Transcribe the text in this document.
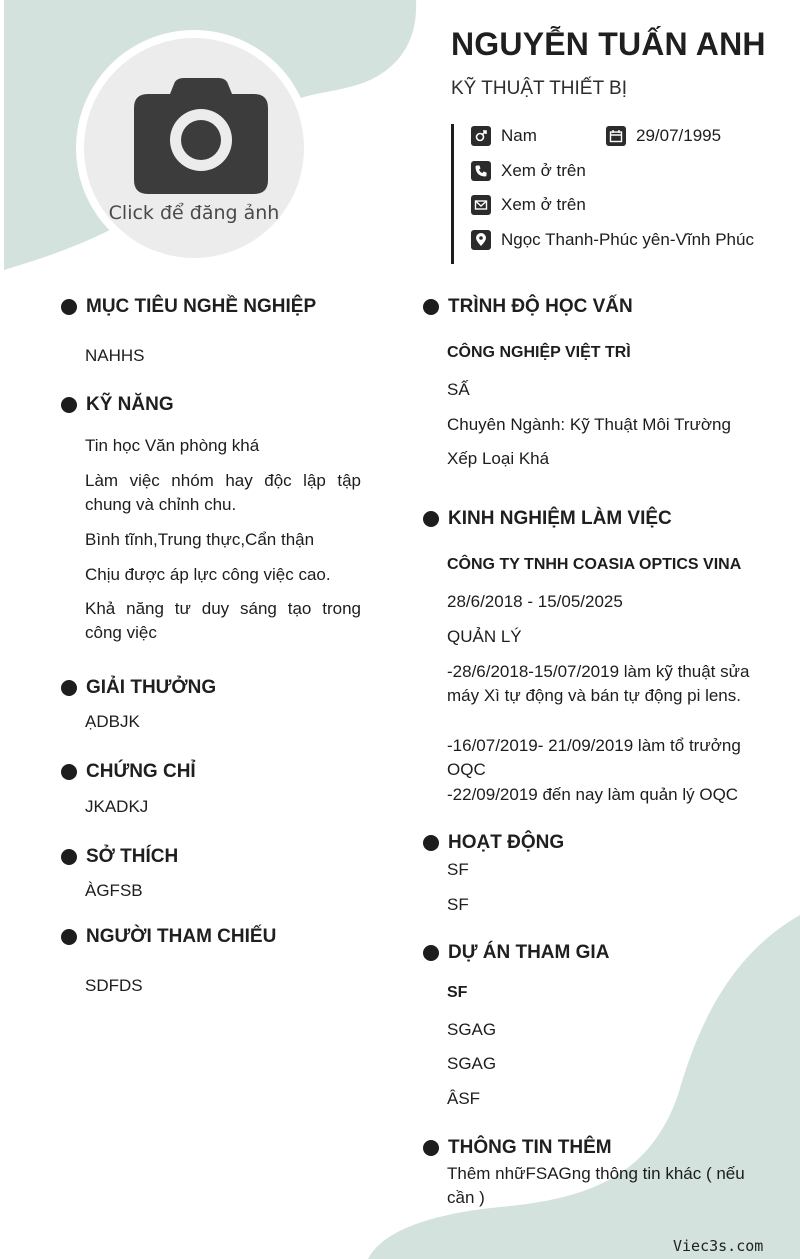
Click để đăng ảnh
NGUYỄN TUẤN ANH
KỸ THUẬT THIẾT BỊ
Nam	29/07/1995
Xem ở trên
Xem ở trên
Ngọc Thanh-Phúc yên-Vĩnh Phúc
MỤC TIÊU NGHỀ NGHIỆP
NAHHS
KỸ NĂNG
Tin học Văn phòng khá
Làm việc nhóm hay độc lập tập chung và chỉnh chu.
Bình tĩnh,Trung thực,Cẩn thận
Chịu được áp lực công việc cao.
Khả năng tư duy sáng tạo trong công việc
GIẢI THƯỞNG
ẠDBJK
CHỨNG CHỈ
JKADKJ
SỞ THÍCH
ÀGFSB
NGƯỜI THAM CHIẾU
SDFDS
TRÌNH ĐỘ HỌC VẤN
CÔNG NGHIỆP VIỆT TRÌ
SẤ
Chuyên Ngành: Kỹ Thuật Môi Trường
Xếp Loại Khá
KINH NGHIỆM LÀM VIỆC
CÔNG TY TNHH COASIA OPTICS VINA
28/6/2018 - 15/05/2025
QUẢN LÝ
-28/6/2018-15/07/2019 làm kỹ thuật sửa máy Xì tự động và bán tự động pi lens.
-16/07/2019- 21/09/2019 làm tổ trưởng OQC
-22/09/2019 đến nay làm quản lý OQC
HOẠT ĐỘNG
SF
SF
DỰ ÁN THAM GIA
SF
SGAG
SGAG
ÂSF
THÔNG TIN THÊM
Thêm nhữFSAGng thông tin khác ( nếu cần )
Viec3s.com
